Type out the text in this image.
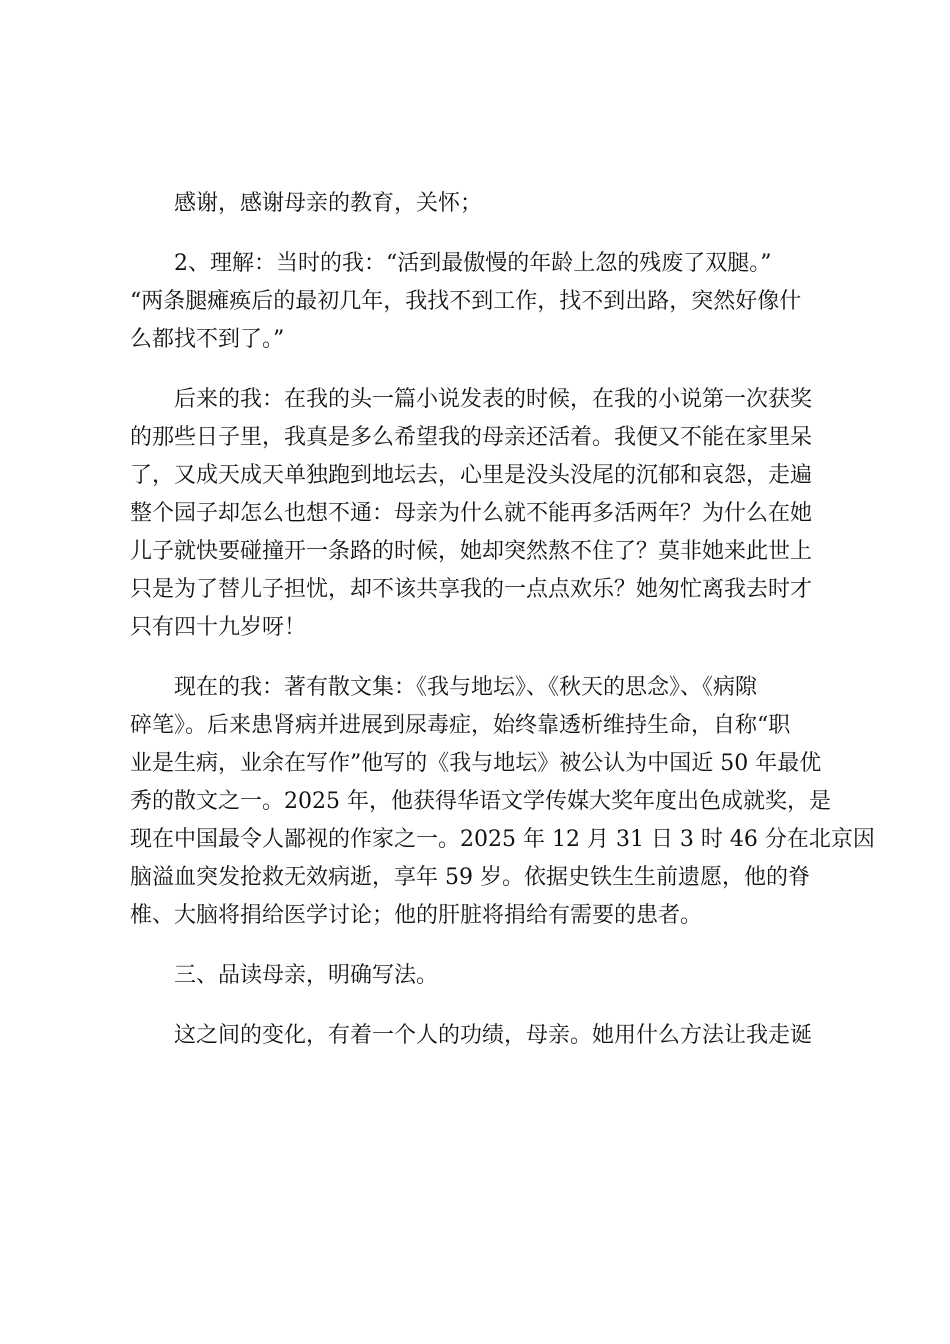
感谢，感谢母亲的教育，关怀；
2、理解：当时的我：“活到最傲慢的年龄上忽的残废了双腿。”
“两条腿瘫痪后的最初几年，我找不到工作，找不到出路，突然好像什
么都找不到了。”
后来的我：在我的头一篇小说发表的时候，在我的小说第一次获奖
的那些日子里，我真是多么希望我的母亲还活着。我便又不能在家里呆
了，又成天成天单独跑到地坛去，心里是没头没尾的沉郁和哀怨，走遍
整个园子却怎么也想不通：母亲为什么就不能再多活两年？为什么在她
儿子就快要碰撞开一条路的时候，她却突然熬不住了？莫非她来此世上
只是为了替儿子担忧，却不该共享我的一点点欢乐？她匆忙离我去时才
只有四十九岁呀！
现在的我：著有散文集：《我与地坛》、《秋天的思念》、《病隙
碎笔》。后来患肾病并进展到尿毒症，始终靠透析维持生命，自称“职
业是生病，业余在写作”他写的《我与地坛》被公认为中国近 50 年最优
秀的散文之一。2025 年，他获得华语文学传媒大奖年度出色成就奖，是
现在中国最令人鄙视的作家之一。2025 年 12 月 31 日 3 时 46 分在北京因
脑溢血突发抢救无效病逝，享年 59 岁。依据史铁生生前遗愿，他的脊
椎、大脑将捐给医学讨论；他的肝脏将捐给有需要的患者。
三、品读母亲，明确写法。
这之间的变化，有着一个人的功绩，母亲。她用什么方法让我走诞
